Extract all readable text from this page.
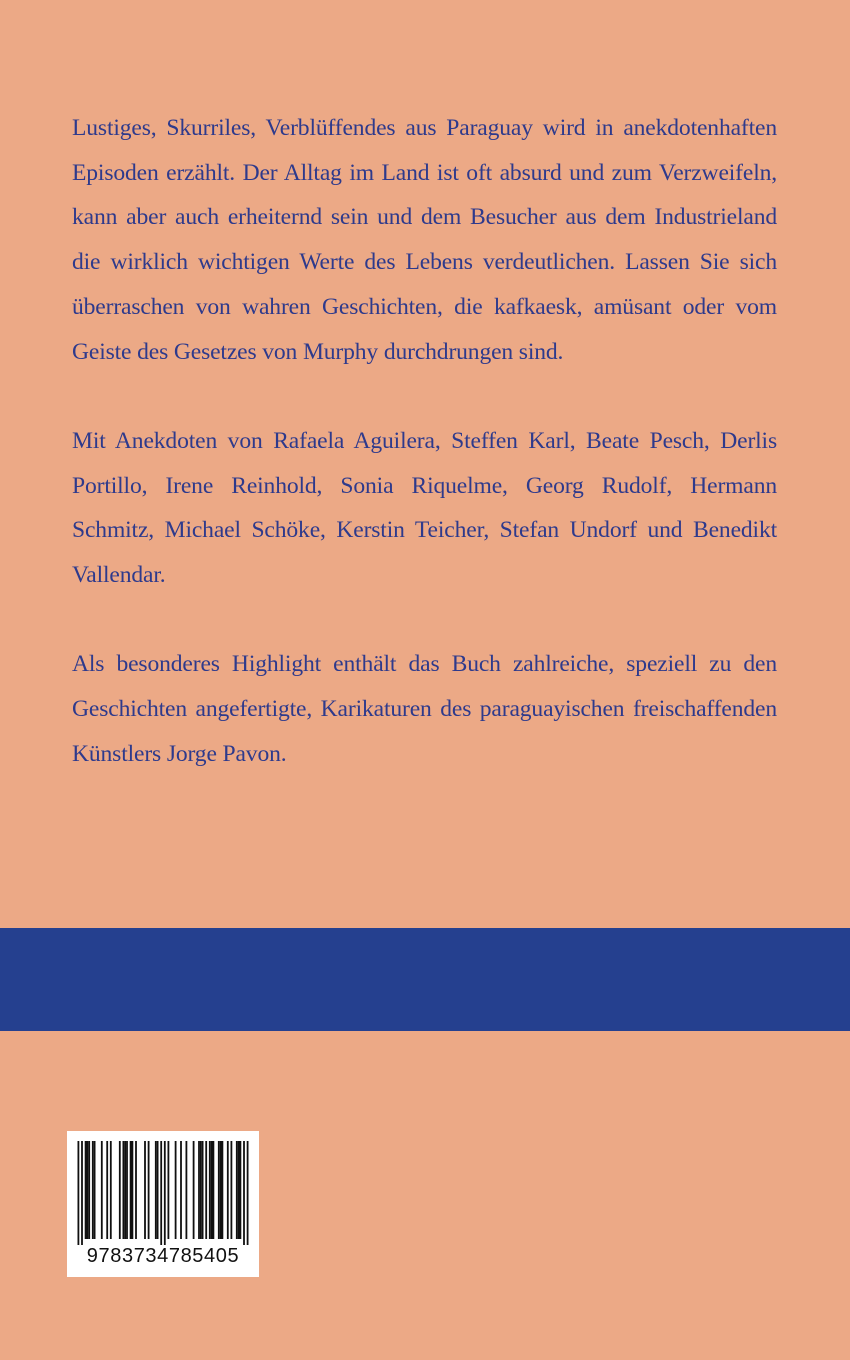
Lustiges, Skurriles, Verblüffendes aus Paraguay wird in anekdotenhaften Episoden erzählt. Der Alltag im Land ist oft absurd und zum Verzweifeln, kann aber auch erheiternd sein und dem Besucher aus dem Industrieland die wirklich wichtigen Werte des Lebens verdeutlichen. Lassen Sie sich überraschen von wahren Geschichten, die kafkaesk, amüsant oder vom Geiste des Gesetzes von Murphy durchdrungen sind.

Mit Anekdoten von Rafaela Aguilera, Steffen Karl, Beate Pesch, Derlis Portillo, Irene Reinhold, Sonia Riquelme, Georg Rudolf, Hermann Schmitz, Michael Schöke, Kerstin Teicher, Stefan Undorf und Benedikt Vallendar.

Als besonderes Highlight enthält das Buch zahlreiche, speziell zu den Geschichten angefertigte, Karikaturen des paraguayischen freischaffenden Künstlers Jorge Pavon.

9783734785405
